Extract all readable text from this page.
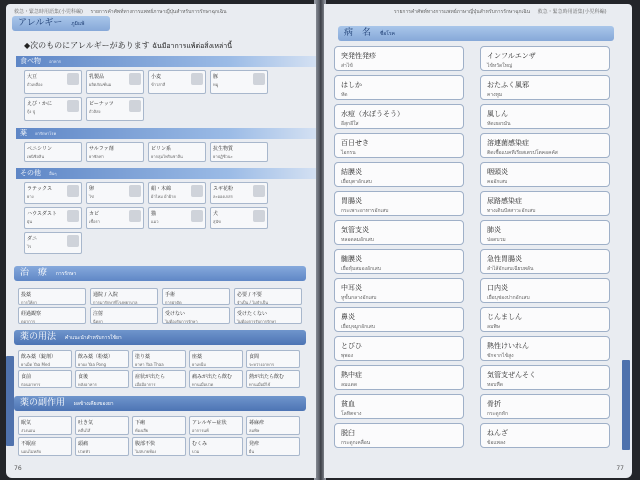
救急・緊急時用語集(小児科編) รายการคำศัพท์ทางการแพทย์ภาษาญี่ปุ่นสำหรับการรักษาฉุกเฉิน
アレルギー ภูมิแพ้
◆次のものにアレルギーがあります ฉันมีอาการแพ้ต่อสิ่งเหล่านี้
食べ物 อาหาร
大豆
ถั่วเหลือง
乳製品
ผลิตภัณฑ์นม
小麦
ข้าวสาลี
豚
หมู
えび・かに
กุ้ง ปู
ピーナッツ
ถั่วลิสง
薬 ยารักษาโรค
ペニシリン
เพนิซิลลิน
サルファ剤
ยาซัลฟา
ピリン系
ยากลุ่มไพรินซาลีน
抗生物質
ยาปฏิชีวนะ
その他 อื่นๆ
ラテックス
ยาง
卵
ไข่
絹・木綿
ผ้าไหม ผ้าฝ้าย
スギ花粉
ละอองเกสร
ハウスダスト
ฝุ่น
カビ
เชื้อรา
猫
แมว
犬
สุนัข
ダニ
ไร
治　療 การรักษา
投薬
การให้ยา
通院 / 入院
การมารักษาที่โรงพยาบาล
手術
การผ่าตัด
必要 / 不要
จำเป็น / ไม่จำเป็น
経過観察
ดูอาการ
注射
ฉีดยา
受けない
ไม่ต้องรับการรักษา
受けたくない
ไม่ต้องการรับการรักษา
薬の用法 คำแนะนำสำหรับการใช้ยา
飲み薬（錠剤）
ยาเม็ด Yaa Med
飲み薬（粉薬）
ยาผง Yaa Pong
塗り薬
ยาทา Yaa Thaa
座薬
ยาเหน็บ
食間
ระหว่างอาหาร
食前
ก่อนอาหาร
食後
หลังอาหาร
症状が出たら
เมื่อมีอาการ
痛みが出たら飲む
ทานเมื่อปวด
熱が出たら飲む
ทานเมื่อมีไข้
薬の副作用 ผลข้างเคียงของยา
眠気
ง่วงนอน
吐き気
คลื่นไส้
下痢
ท้องเสีย
アレルギー症状
อาการแพ้
蕁麻疹
ลมพิษ
不眠症
นอนไม่หลับ
頭痛
ปวดหัว
腹部不快
ไม่สบายท้อง
むくみ
บวม
発疹
ผื่น
76
รายการคำศัพท์ทางการแพทย์ภาษาญี่ปุ่นสำหรับการรักษาฉุกเฉิน 救急・緊急時用語集(小児科編)
病　名 ชื่อโรค
突発性発疹
ส่าไข้
インフルエンザ
ไข้หวัดใหญ่
はしか
หัด
おたふく風邪
คางทูม
水痘（水ぼうそう）
อีสุกอีใส
風しん
หัดเยอรมัน
百日せき
ไอกรน
溶連菌感染症
ติดเชื้อแบคทีเรียสเตรปโตคอคคัส
結膜炎
เยื่อบุตาอักเสบ
咽頭炎
คออักเสบ
胃腸炎
กระเพาะอาหารอักเสบ
尿路感染症
ทางเดินปัสสาวะอักเสบ
気管支炎
หลอดลมอักเสบ
肺炎
ปอดบวม
髄膜炎
เยื่อหุ้มสมองอักเสบ
急性胃腸炎
ลำไส้อักเสบเฉียบพลัน
中耳炎
หูชั้นกลางอักเสบ
口内炎
เยื่อบุช่องปากอักเสบ
鼻炎
เยื่อบุจมูกอักเสบ
じんましん
ลมพิษ
とびひ
พุพอง
熱性けいれん
ชักจากไข้สูง
熱中症
ลมแดด
気管支ぜんそく
หอบหืด
貧血
โลหิตจาง
骨折
กระดูกหัก
脱臼
กระดูกเคลื่อน
ねんざ
ข้อแพลง
77
